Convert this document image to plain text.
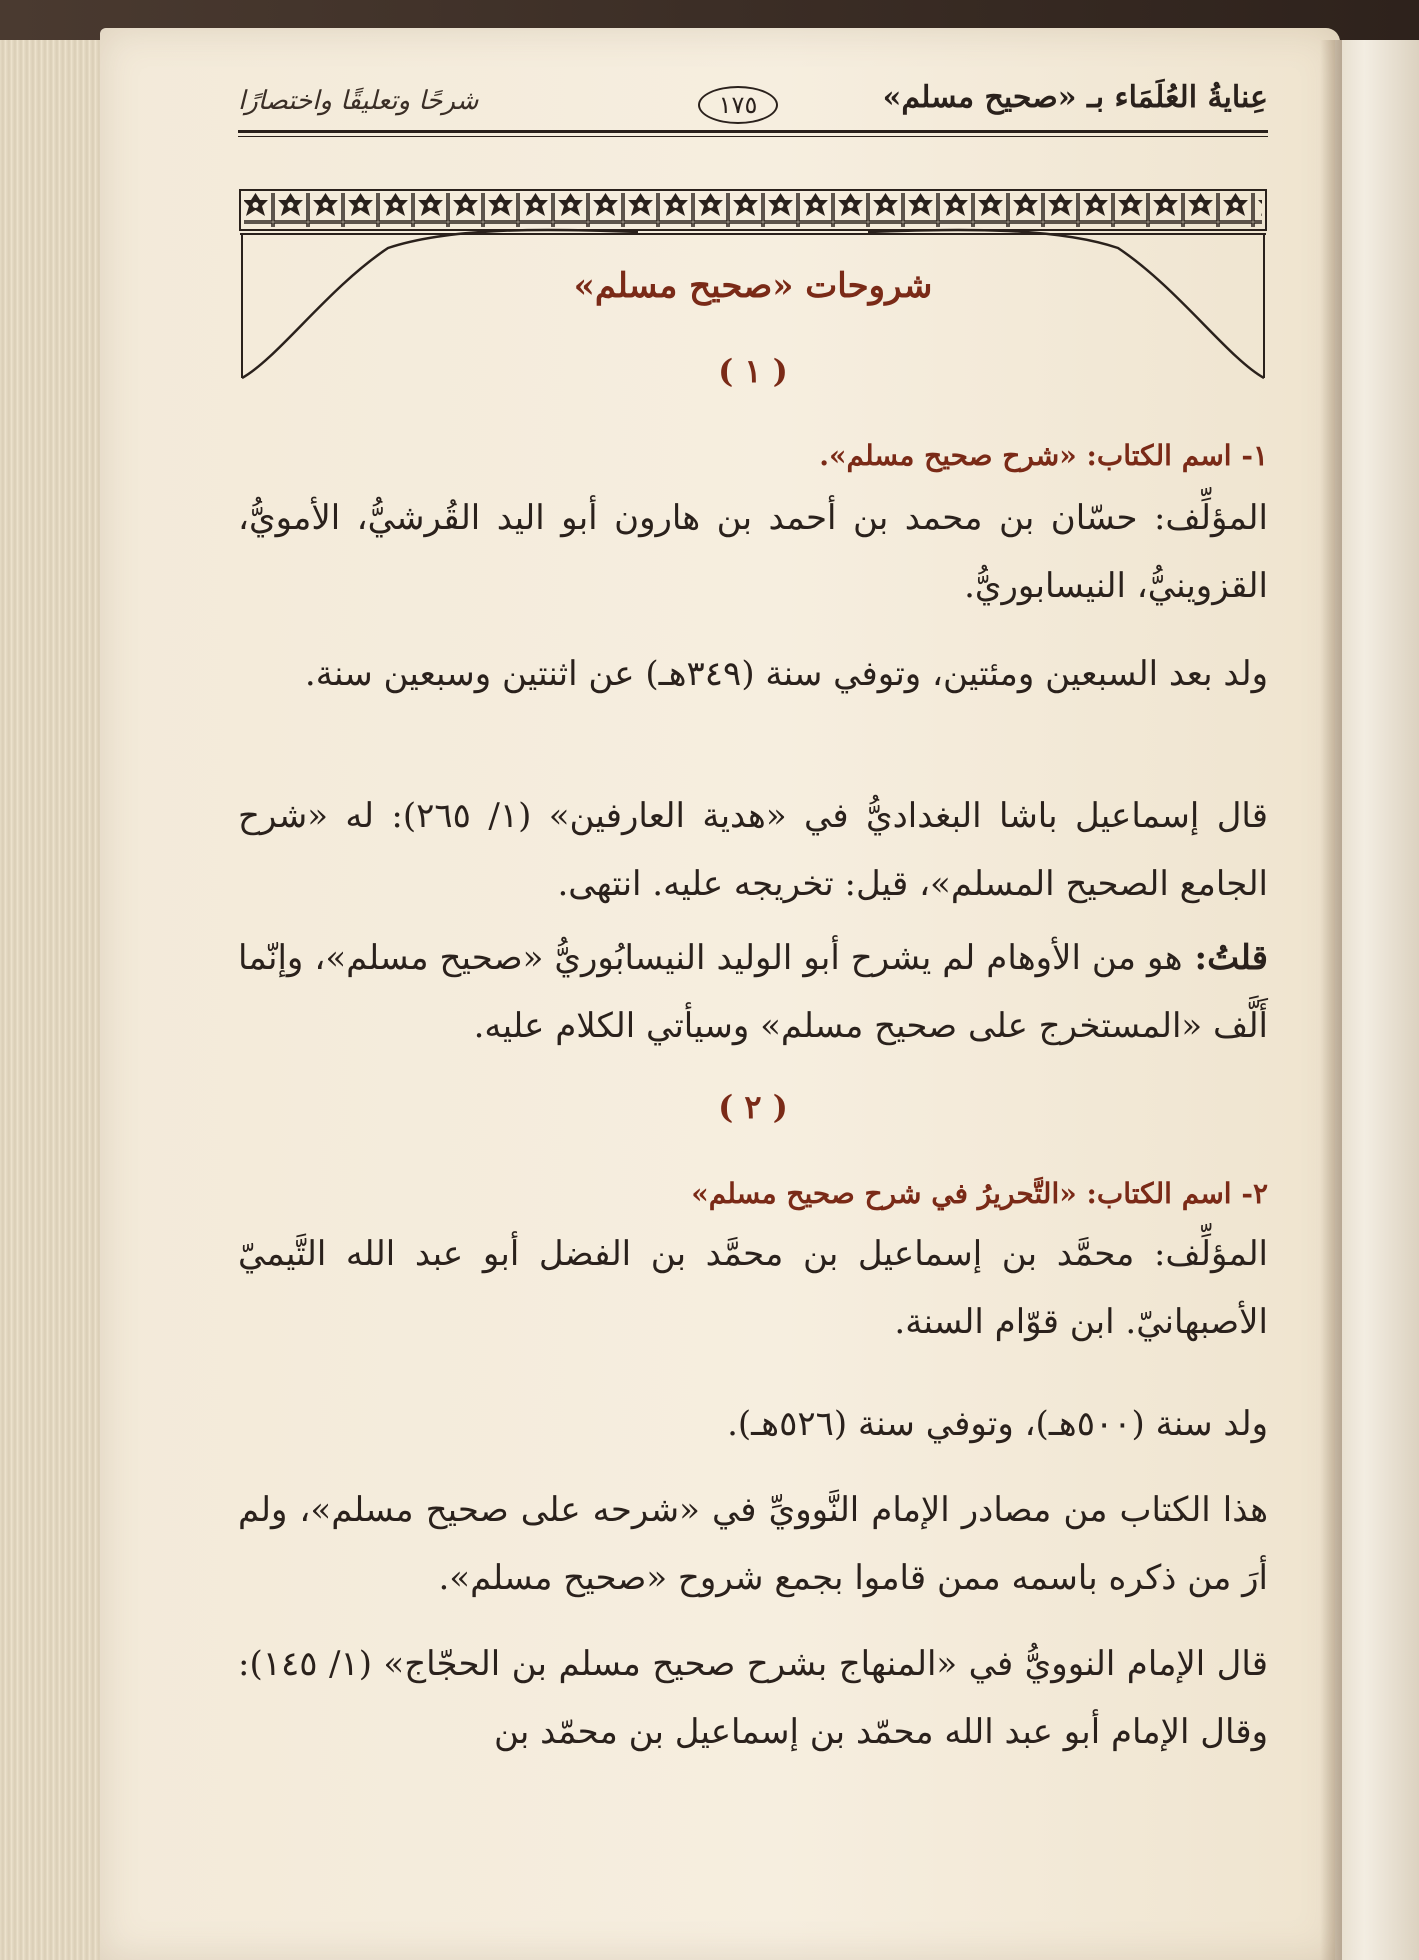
عِنايةُ العُلَمَاء بـ «صحيح مسلم»
١٧٥
شرحًا وتعليقًا واختصارًا
شروحات «صحيح مسلم»
( ١ )
١- اسم الكتاب: «شرح صحيح مسلم».
المؤلِّف: حسّان بن محمد بن أحمد بن هارون أبو اليد القُرشيُّ، الأمويُّ، القزوينيُّ، النيسابوريُّ.
ولد بعد السبعين ومئتين، وتوفي سنة (٣٤٩هـ) عن اثنتين وسبعين سنة.
قال إسماعيل باشا البغداديُّ في «هدية العارفين» (١/ ٢٦٥): له «شرح الجامع الصحيح المسلم»، قيل: تخريجه عليه. انتهى.
قلتُ: هو من الأوهام لم يشرح أبو الوليد النيسابُوريُّ «صحيح مسلم»، وإنّما أَلَّف «المستخرج على صحيح مسلم» وسيأتي الكلام عليه.
( ٢ )
٢- اسم الكتاب: «التَّحريرُ في شرح صحيح مسلم»
المؤلِّف: محمَّد بن إسماعيل بن محمَّد بن الفضل أبو عبد الله التَّيميّ الأصبهانيّ. ابن قوّام السنة.
ولد سنة (٥٠٠هـ)، وتوفي سنة (٥٢٦هـ).
هذا الكتاب من مصادر الإمام النَّوويِّ في «شرحه على صحيح مسلم»، ولم أرَ من ذكره باسمه ممن قاموا بجمع شروح «صحيح مسلم».
قال الإمام النوويُّ في «المنهاج بشرح صحيح مسلم بن الحجّاج» (١/ ١٤٥): وقال الإمام أبو عبد الله محمّد بن إسماعيل بن محمّد بن
